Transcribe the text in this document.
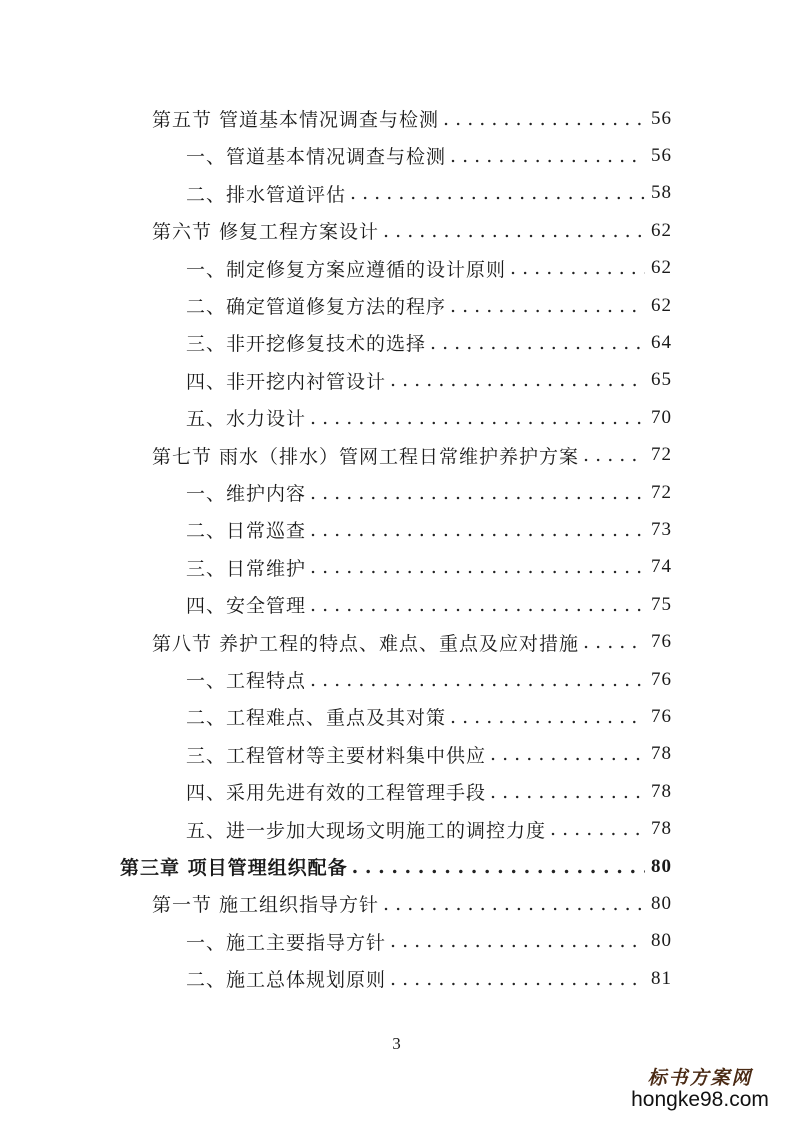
第五节 管道基本情况调查与检测 . . .	56
一、管道基本情况调查与检测 . . .	56
二、排水管道评估 . . .	58
第六节 修复工程方案设计 . . .	62
一、制定修复方案应遵循的设计原则 . . .	62
二、确定管道修复方法的程序 . . .	62
三、非开挖修复技术的选择 . . .	64
四、非开挖内衬管设计 . . .	65
五、水力设计 . . .	70
第七节 雨水（排水）管网工程日常维护养护方案 . . .	72
一、维护内容 . . .	72
二、日常巡查 . . .	73
三、日常维护 . . .	74
四、安全管理 . . .	75
第八节 养护工程的特点、难点、重点及应对措施 . . .	76
一、工程特点 . . .	76
二、工程难点、重点及其对策 . . .	76
三、工程管材等主要材料集中供应 . . .	78
四、采用先进有效的工程管理手段 . . .	78
五、进一步加大现场文明施工的调控力度 . . .	78
第三章 项目管理组织配备 . . .	80
第一节 施工组织指导方针 . . .	80
一、施工主要指导方针 . . .	80
二、施工总体规划原则 . . .	81
3
标书方案网
hongke98.com
